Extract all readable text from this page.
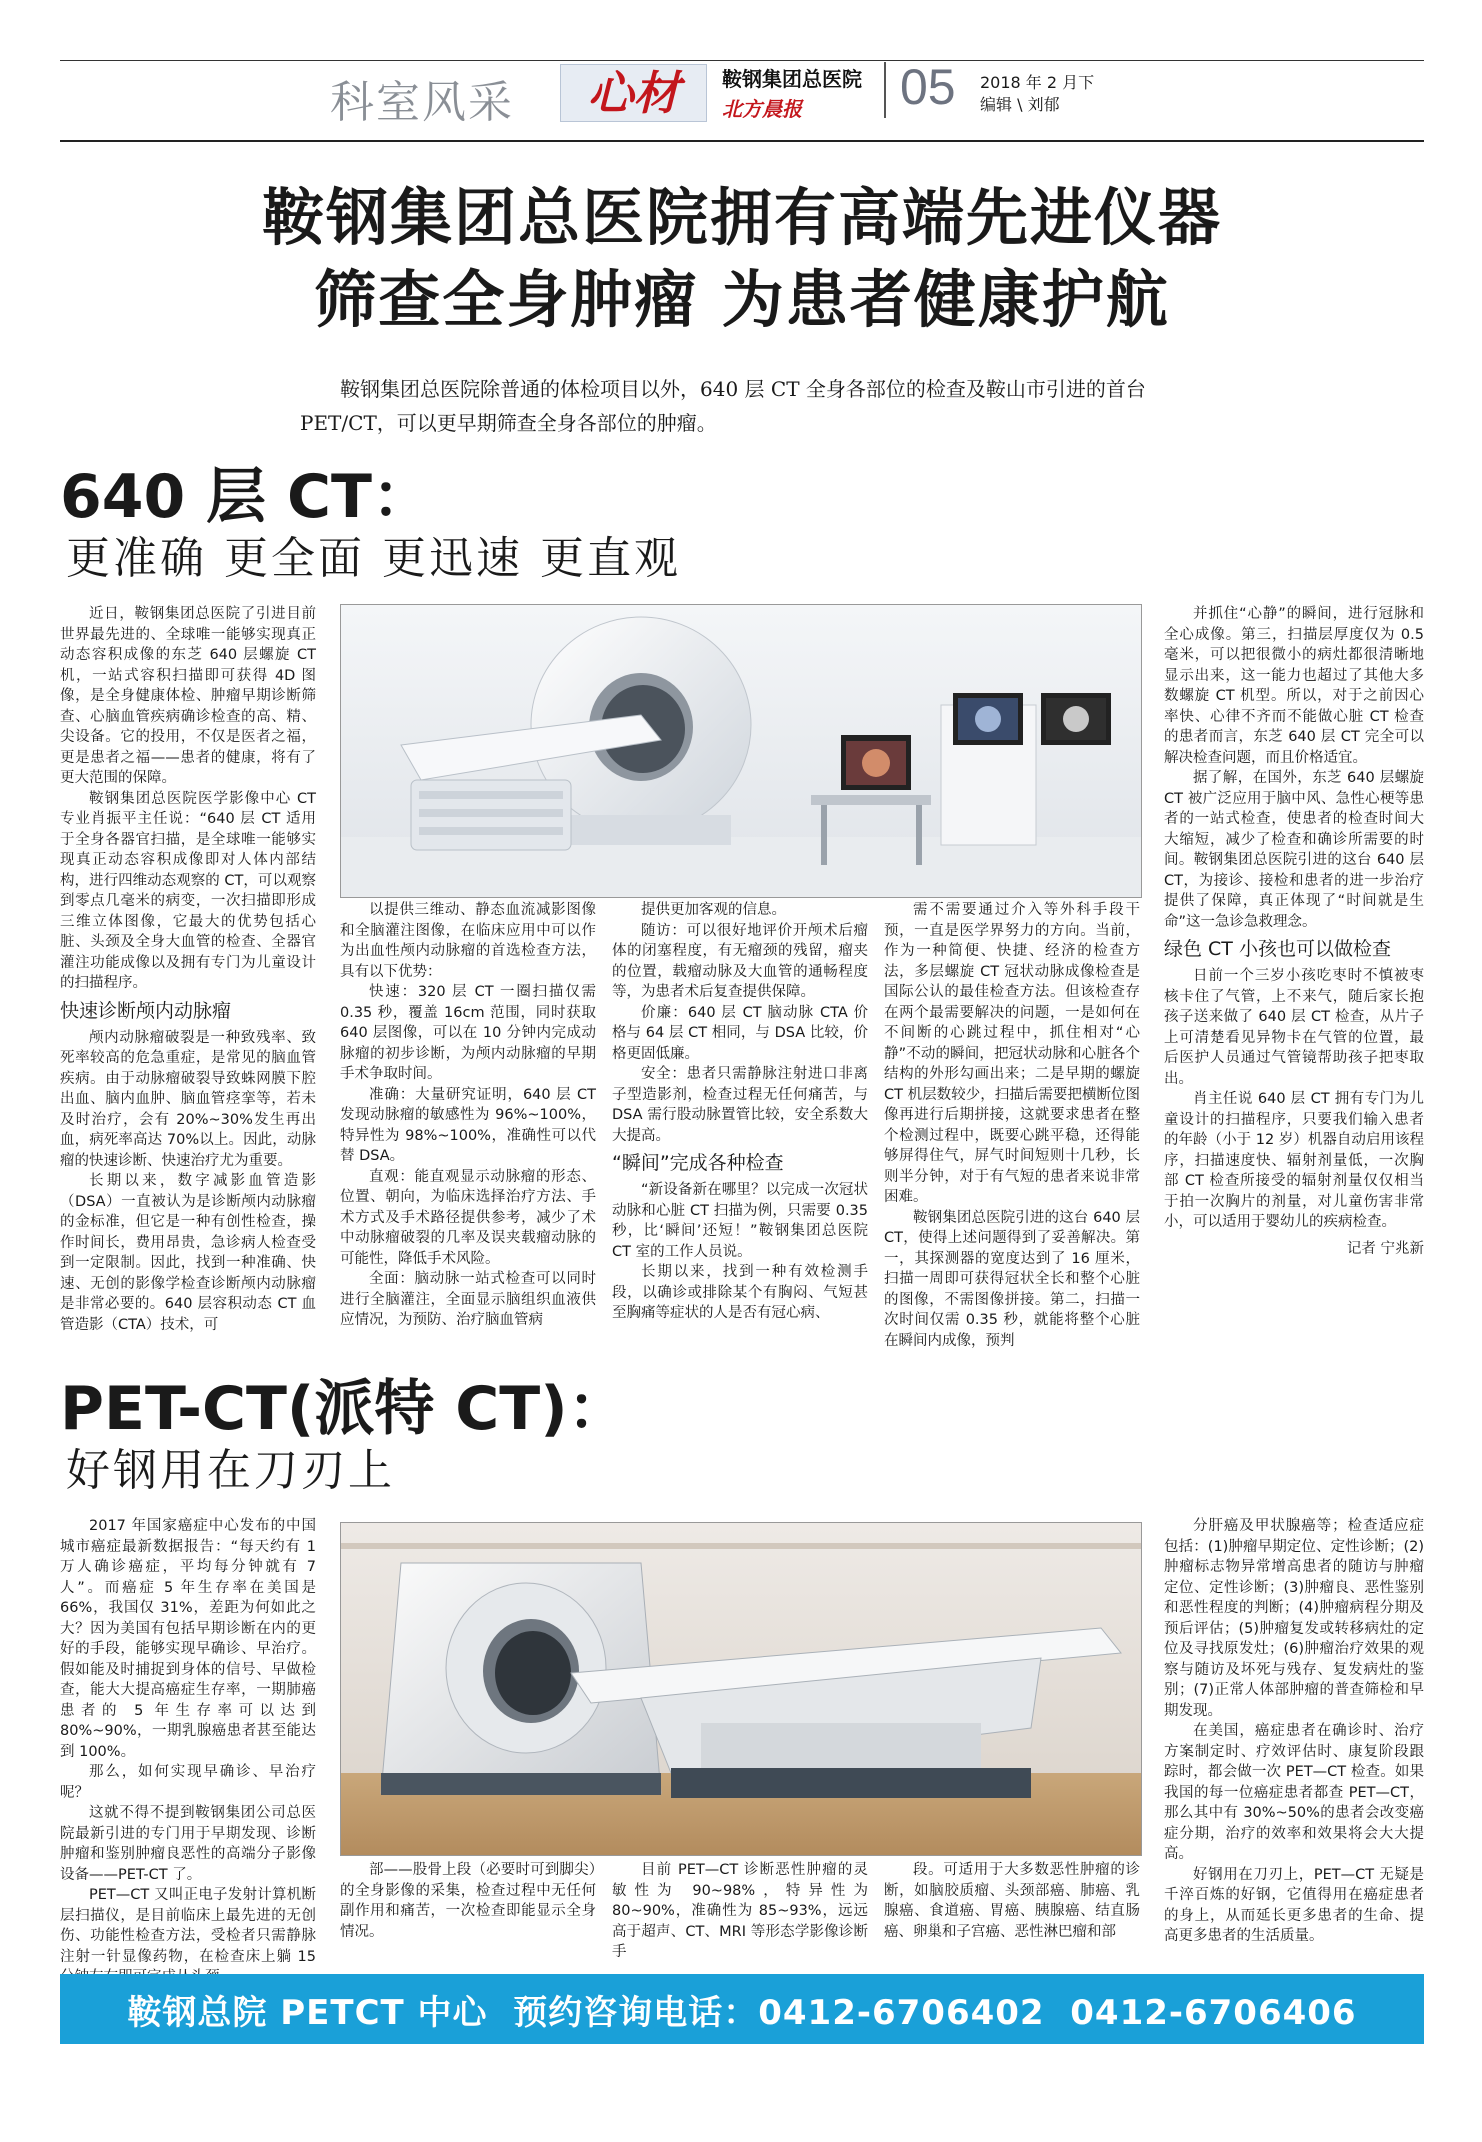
科室风采 心材 鞍钢集团总医院
北方晨报 05 2018 年 2 月下
编辑 \ 刘郁
鞍钢集团总医院拥有高端先进仪器
筛查全身肿瘤 为患者健康护航
鞍钢集团总医院除普通的体检项目以外，640 层 CT 全身各部位的检查及鞍山市引进的首台 PET/CT，可以更早期筛查全身各部位的肿瘤。
640 层 CT：
更准确 更全面 更迅速 更直观

近日，鞍钢集团总医院了引进目前世界最先进的、全球唯一能够实现真正动态容积成像的东芝 640 层螺旋 CT 机，一站式容积扫描即可获得 4D 图像，是全身健康体检、肿瘤早期诊断筛查、心脑血管疾病确诊检查的高、精、尖设备。它的投用，不仅是医者之福，更是患者之福——患者的健康，将有了更大范围的保障。

鞍钢集团总医院医学影像中心 CT 专业肖振平主任说：“640 层 CT 适用于全身各器官扫描，是全球唯一能够实现真正动态容积成像即对人体内部结构，进行四维动态观察的 CT，可以观察到零点几毫米的病变，一次扫描即形成三维立体图像，它最大的优势包括心脏、头颈及全身大血管的检查、全器官灌注功能成像以及拥有专门为儿童设计的扫描程序。

快速诊断颅内动脉瘤

颅内动脉瘤破裂是一种致残率、致死率较高的危急重症，是常见的脑血管疾病。由于动脉瘤破裂导致蛛网膜下腔出血、脑内血肿、脑血管痉挛等，若未及时治疗，会有 20%~30%发生再出血，病死率高达 70%以上。因此，动脉瘤的快速诊断、快速治疗尤为重要。

长期以来，数字减影血管造影（DSA）一直被认为是诊断颅内动脉瘤的金标准，但它是一种有创性检查，操作时间长，费用昂贵，急诊病人检查受到一定限制。因此，找到一种准确、快速、无创的影像学检查诊断颅内动脉瘤是非常必要的。640 层容积动态 CT 血管造影（CTA）技术，可

以提供三维动、静态血流减影图像和全脑灌注图像，在临床应用中可以作为出血性颅内动脉瘤的首选检查方法，具有以下优势：

快速：320 层 CT 一圈扫描仅需 0.35 秒，覆盖 16cm 范围，同时获取 640 层图像，可以在 10 分钟内完成动脉瘤的初步诊断，为颅内动脉瘤的早期手术争取时间。

准确：大量研究证明，640 层 CT 发现动脉瘤的敏感性为 96%~100%，特异性为 98%~100%，准确性可以代替 DSA。

直观：能直观显示动脉瘤的形态、位置、朝向，为临床选择治疗方法、手术方式及手术路径提供参考，减少了术中动脉瘤破裂的几率及误夹载瘤动脉的可能性，降低手术风险。

全面：脑动脉一站式检查可以同时进行全脑灌注，全面显示脑组织血液供应情况，为预防、治疗脑血管病

提供更加客观的信息。

随访：可以很好地评价开颅术后瘤体的闭塞程度，有无瘤颈的残留，瘤夹的位置，载瘤动脉及大血管的通畅程度等，为患者术后复查提供保障。

价廉：640 层 CT 脑动脉 CTA 价格与 64 层 CT 相同，与 DSA 比较，价格更固低廉。

安全：患者只需静脉注射进口非离子型造影剂，检查过程无任何痛苦，与 DSA 需行股动脉置管比较，安全系数大大提高。

“瞬间”完成各种检查

“新设备新在哪里？以完成一次冠状动脉和心脏 CT 扫描为例，只需要 0.35 秒，比‘瞬间’还短！”鞍钢集团总医院 CT 室的工作人员说。

长期以来，找到一种有效检测手段，以确诊或排除某个有胸闷、气短甚至胸痛等症状的人是否有冠心病、

需不需要通过介入等外科手段干预，一直是医学界努力的方向。当前，作为一种简便、快捷、经济的检查方法，多层螺旋 CT 冠状动脉成像检查是国际公认的最佳检查方法。但该检查存在两个最需要解决的问题，一是如何在不间断的心跳过程中，抓住相对“心静”不动的瞬间，把冠状动脉和心脏各个结构的外形勾画出来；二是早期的螺旋 CT 机层数较少，扫描后需要把横断位图像再进行后期拼接，这就要求患者在整个检测过程中，既要心跳平稳，还得能够屏得住气，屏气时间短则十几秒，长则半分钟，对于有气短的患者来说非常困难。

鞍钢集团总医院引进的这台 640 层 CT，使得上述问题得到了妥善解决。第一，其探测器的宽度达到了 16 厘米，扫描一周即可获得冠状全长和整个心脏的图像，不需图像拼接。第二，扫描一次时间仅需 0.35 秒，就能将整个心脏在瞬间内成像，预判

并抓住“心静”的瞬间，进行冠脉和全心成像。第三，扫描层厚度仅为 0.5 毫米，可以把很微小的病灶都很清晰地显示出来，这一能力也超过了其他大多数螺旋 CT 机型。所以，对于之前因心率快、心律不齐而不能做心脏 CT 检查的患者而言，东芝 640 层 CT 完全可以解决检查问题，而且价格适宜。

据了解，在国外，东芝 640 层螺旋 CT 被广泛应用于脑中风、急性心梗等患者的一站式检查，使患者的检查时间大大缩短，减少了检查和确诊所需要的时间。鞍钢集团总医院引进的这台 640 层 CT，为接诊、接检和患者的进一步治疗提供了保障，真正体现了“时间就是生命”这一急诊急救理念。

绿色 CT 小孩也可以做检查

日前一个三岁小孩吃枣时不慎被枣核卡住了气管，上不来气，随后家长抱孩子送来做了 640 层 CT 检查，从片子上可清楚看见异物卡在气管的位置，最后医护人员通过气管镜帮助孩子把枣取出。

肖主任说 640 层 CT 拥有专门为儿童设计的扫描程序，只要我们输入患者的年龄（小于 12 岁）机器自动启用该程序，扫描速度快、辐射剂量低，一次胸部 CT 检查所接受的辐射剂量仅仅相当于拍一次胸片的剂量，对儿童伤害非常小，可以适用于婴幼儿的疾病检查。

记者 宁兆新
PET-CT(派特 CT)：
好钢用在刀刃上

2017 年国家癌症中心发布的中国城市癌症最新数据报告：“每天约有 1 万人确诊癌症，平均每分钟就有 7 人”。而癌症 5 年生存率在美国是 66%，我国仅 31%，差距为何如此之大？因为美国有包括早期诊断在内的更好的手段，能够实现早确诊、早治疗。假如能及时捕捉到身体的信号、早做检查，能大大提高癌症生存率，一期肺癌患者的 5 年生存率可以达到 80%~90%，一期乳腺癌患者甚至能达到 100%。

那么，如何实现早确诊、早治疗呢？

这就不得不提到鞍钢集团公司总医院最新引进的专门用于早期发现、诊断肿瘤和鉴别肿瘤良恶性的高端分子影像设备——PET-CT 了。

PET—CT 又叫正电子发射计算机断层扫描仪，是目前临床上最先进的无创伤、功能性检查方法，受检者只需静脉注射一针显像药物，在检查床上躺 15

部——股骨上段（必要时可到脚尖）的全身影像的采集，检查过程中无任何副作用和痛苦，一次检查即能显示全身情况。

目前 PET—CT 诊断恶性肿瘤的灵敏性为 90~98%，特异性为 80~90%，准确性为 85~93%，远远高于超声、CT、MRI 等形态学影像诊断手

段。可适用于大多数恶性肿瘤的诊断，如脑胶质瘤、头颈部癌、肺癌、乳腺癌、食道癌、胃癌、胰腺癌、结直肠癌、卵巢和子宫癌、恶性淋巴瘤和部

分肝癌及甲状腺癌等；检查适应症包括：(1)肿瘤早期定位、定性诊断；(2)肿瘤标志物异常增高患者的随访与肿瘤定位、定性诊断；(3)肿瘤良、恶性鉴别和恶性程度的判断；(4)肿瘤病程分期及预后评估；(5)肿瘤复发或转移病灶的定位及寻找原发灶；(6)肿瘤治疗效果的观察与随访及坏死与残存、复发病灶的鉴别；(7)正常人体部肿瘤的普查筛检和早期发现。

在美国，癌症患者在确诊时、治疗方案制定时、疗效评估时、康复阶段跟踪时，都会做一次 PET—CT 检查。如果我国的每一位癌症患者都查 PET—CT，那么其中有 30%~50%的患者会改变癌症分期，治疗的效率和效果将会大大提高。

好钢用在刀刃上，PET—CT 无疑是千淬百炼的好钢，它值得用在癌症患者的身上，从而延长更多患者的生命、提高更多患者的生活质量。

鞍钢总院 PETCT 中心  预约咨询电话：0412-6706402  0412-6706406
